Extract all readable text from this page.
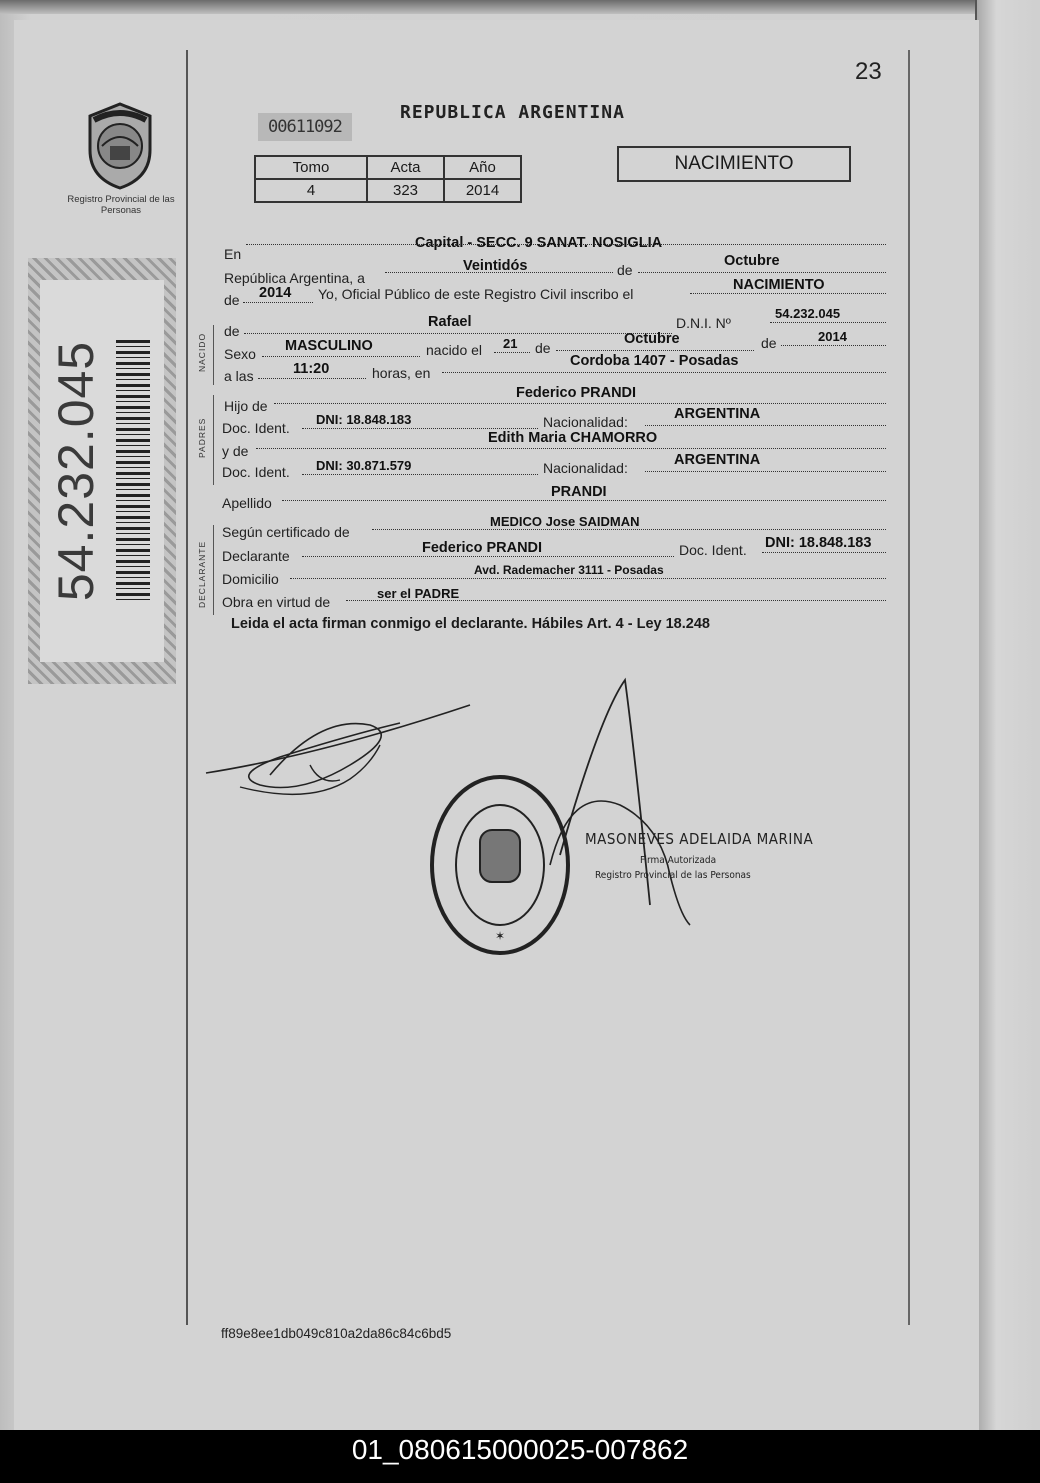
23
Registro Provincial de las Personas
00611092
REPUBLICA ARGENTINA
Tomo	Acta	Año
4	323	2014
NACIMIENTO
54.232.045	NACIDO
PADRES
DECLARANTE
En
Capital - SECC. 9 SANAT. NOSIGLIA
República Argentina, a
Veintidós	de
Octubre
de 2014 Yo, Oficial Público de este Registro Civil inscribo el
NACIMIENTO
de
Rafael	D.N.I. Nº
54.232.045
Sexo MASCULINO	nacido el 21 de
Octubre	de	2014
a las	11:20	horas, en
Cordoba 1407 - Posadas
Hijo de
Federico PRANDI
Doc. Ident.
DNI: 18.848.183	Nacionalidad:	ARGENTINA
y de
Edith Maria CHAMORRO
Doc. Ident. DNI: 30.871.579	Nacionalidad:	ARGENTINA
Apellido
PRANDI
Según certificado de
MEDICO Jose SAIDMAN
Declarante	Federico PRANDI	Doc. Ident. DNI: 18.848.183
Domicilio
Avd. Rademacher 3111 - Posadas
Obra en virtud de
ser el PADRE
Leida el acta firman conmigo el declarante. Hábiles Art. 4 - Ley 18.248
✶
MASONEVES ADELAIDA MARINA
Firma Autorizada
Registro Provincial de las Personas
ff89e8ee1db049c810a2da86c84c6bd5
01_080615000025-007862
